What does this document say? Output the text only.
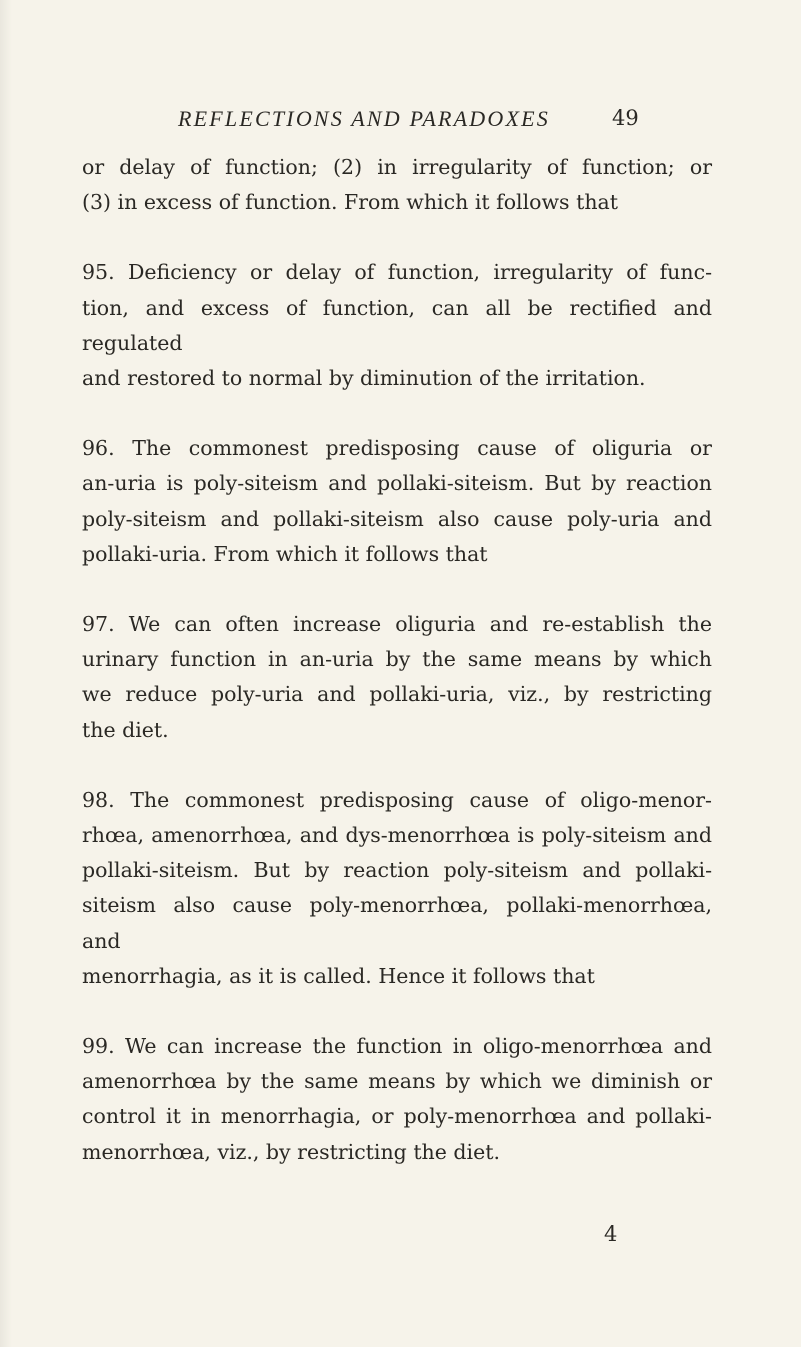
REFLECTIONS AND PARADOXES	49

or delay of function; (2) in irregularity of function; or

(3) in excess of function. From which it follows that

95. Deficiency or delay of function, irregularity of func-

tion, and excess of function, can all be rectified and regulated

and restored to normal by diminution of the irritation.

96. The commonest predisposing cause of oliguria or

an-uria is poly-siteism and pollaki-siteism. But by reaction

poly-siteism and pollaki-siteism also cause poly-uria and

pollaki-uria. From which it follows that

97. We can often increase oliguria and re-establish the

urinary function in an-uria by the same means by which

we reduce poly-uria and pollaki-uria, viz., by restricting

the diet.

98. The commonest predisposing cause of oligo-menor-

rhœa, amenorrhœa, and dys-menorrhœa is poly-siteism and

pollaki-siteism. But by reaction poly-siteism and pollaki-

siteism also cause poly-menorrhœa, pollaki-menorrhœa, and

menorrhagia, as it is called. Hence it follows that

99. We can increase the function in oligo-menorrhœa and

amenorrhœa by the same means by which we diminish or

control it in menorrhagia, or poly-menorrhœa and pollaki-

menorrhœa, viz., by restricting the diet.

4
